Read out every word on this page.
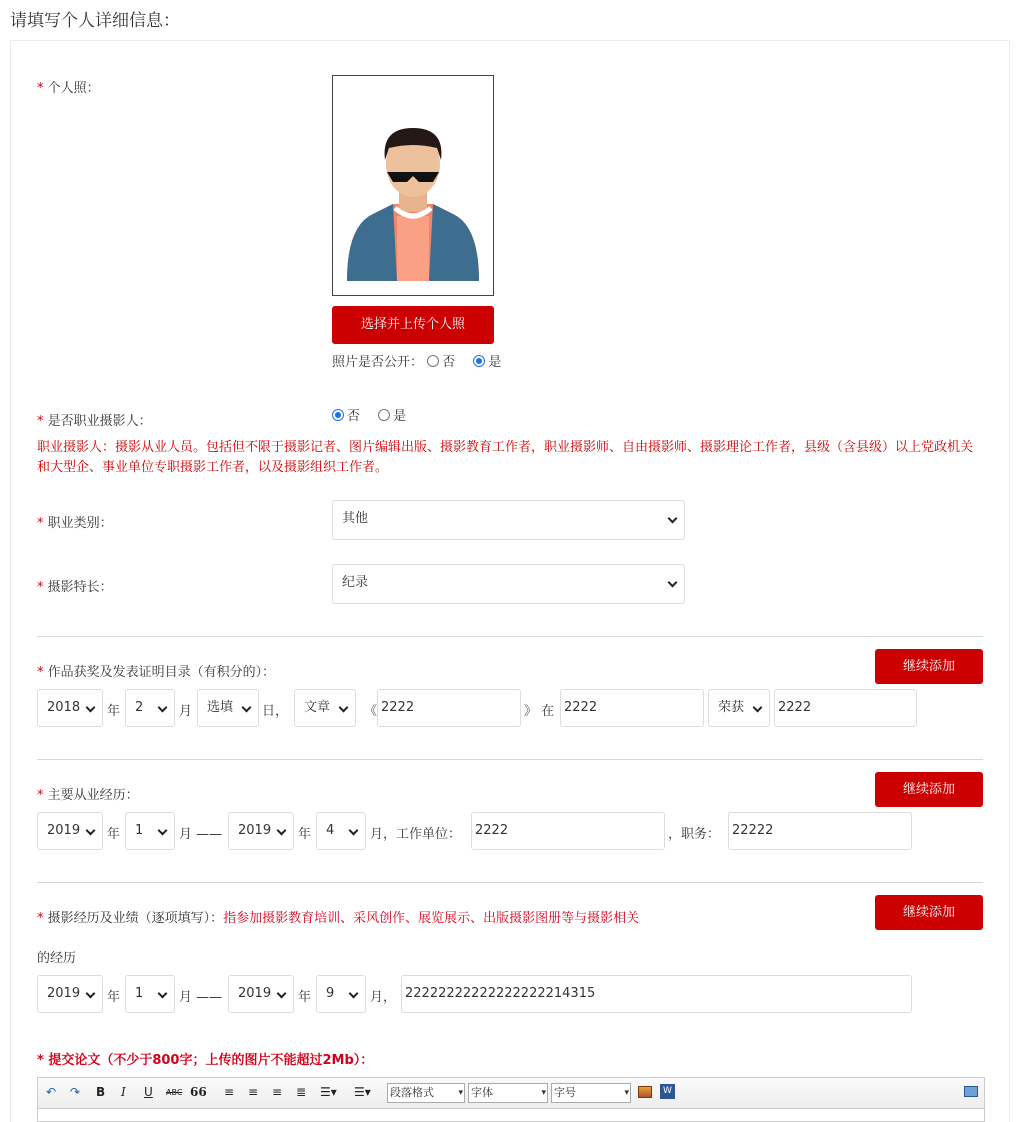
请填写个人详细信息：
* 个人照：
选择并上传个人照
照片是否公开： 否	是
* 是否职业摄影人：	否	是
职业摄影人：摄影从业人员。包括但不限于摄影记者、图片编辑出版、摄影教育工作者，职业摄影师、自由摄影师、摄影理论工作者，县级（含县级）以上党政机关和大型企、事业单位专职摄影工作者，以及摄影组织工作者。
* 职业类别：	其他
* 摄影特长：	纪录
* 作品获奖及发表证明目录（有积分的）：	继续添加
2018	年	2	月	选填	日，	文章	《 2222	》 在 2222	荣获	2222
* 主要从业经历：	继续添加
2019	年	1	月 ——	2019	年	4	月，工作单位：	2222	，职务： 22222
* 摄影经历及业绩（逐项填写）：指参加摄影教育培训、采风创作、展览展示、出版摄影图册等与摄影相关
的经历
继续添加
2019	年	1	月 ——	2019	年	9	月， 22222222222222222214315
* 提交论文（不少于800字；上传的图片不能超过2Mb）：
↶ ↷ B I U ABC 66 ≡ ≡ ≡ ≣ ☰▾ ☰▾ 段落格式 ▾	字体 ▾	字号 ▾	W
